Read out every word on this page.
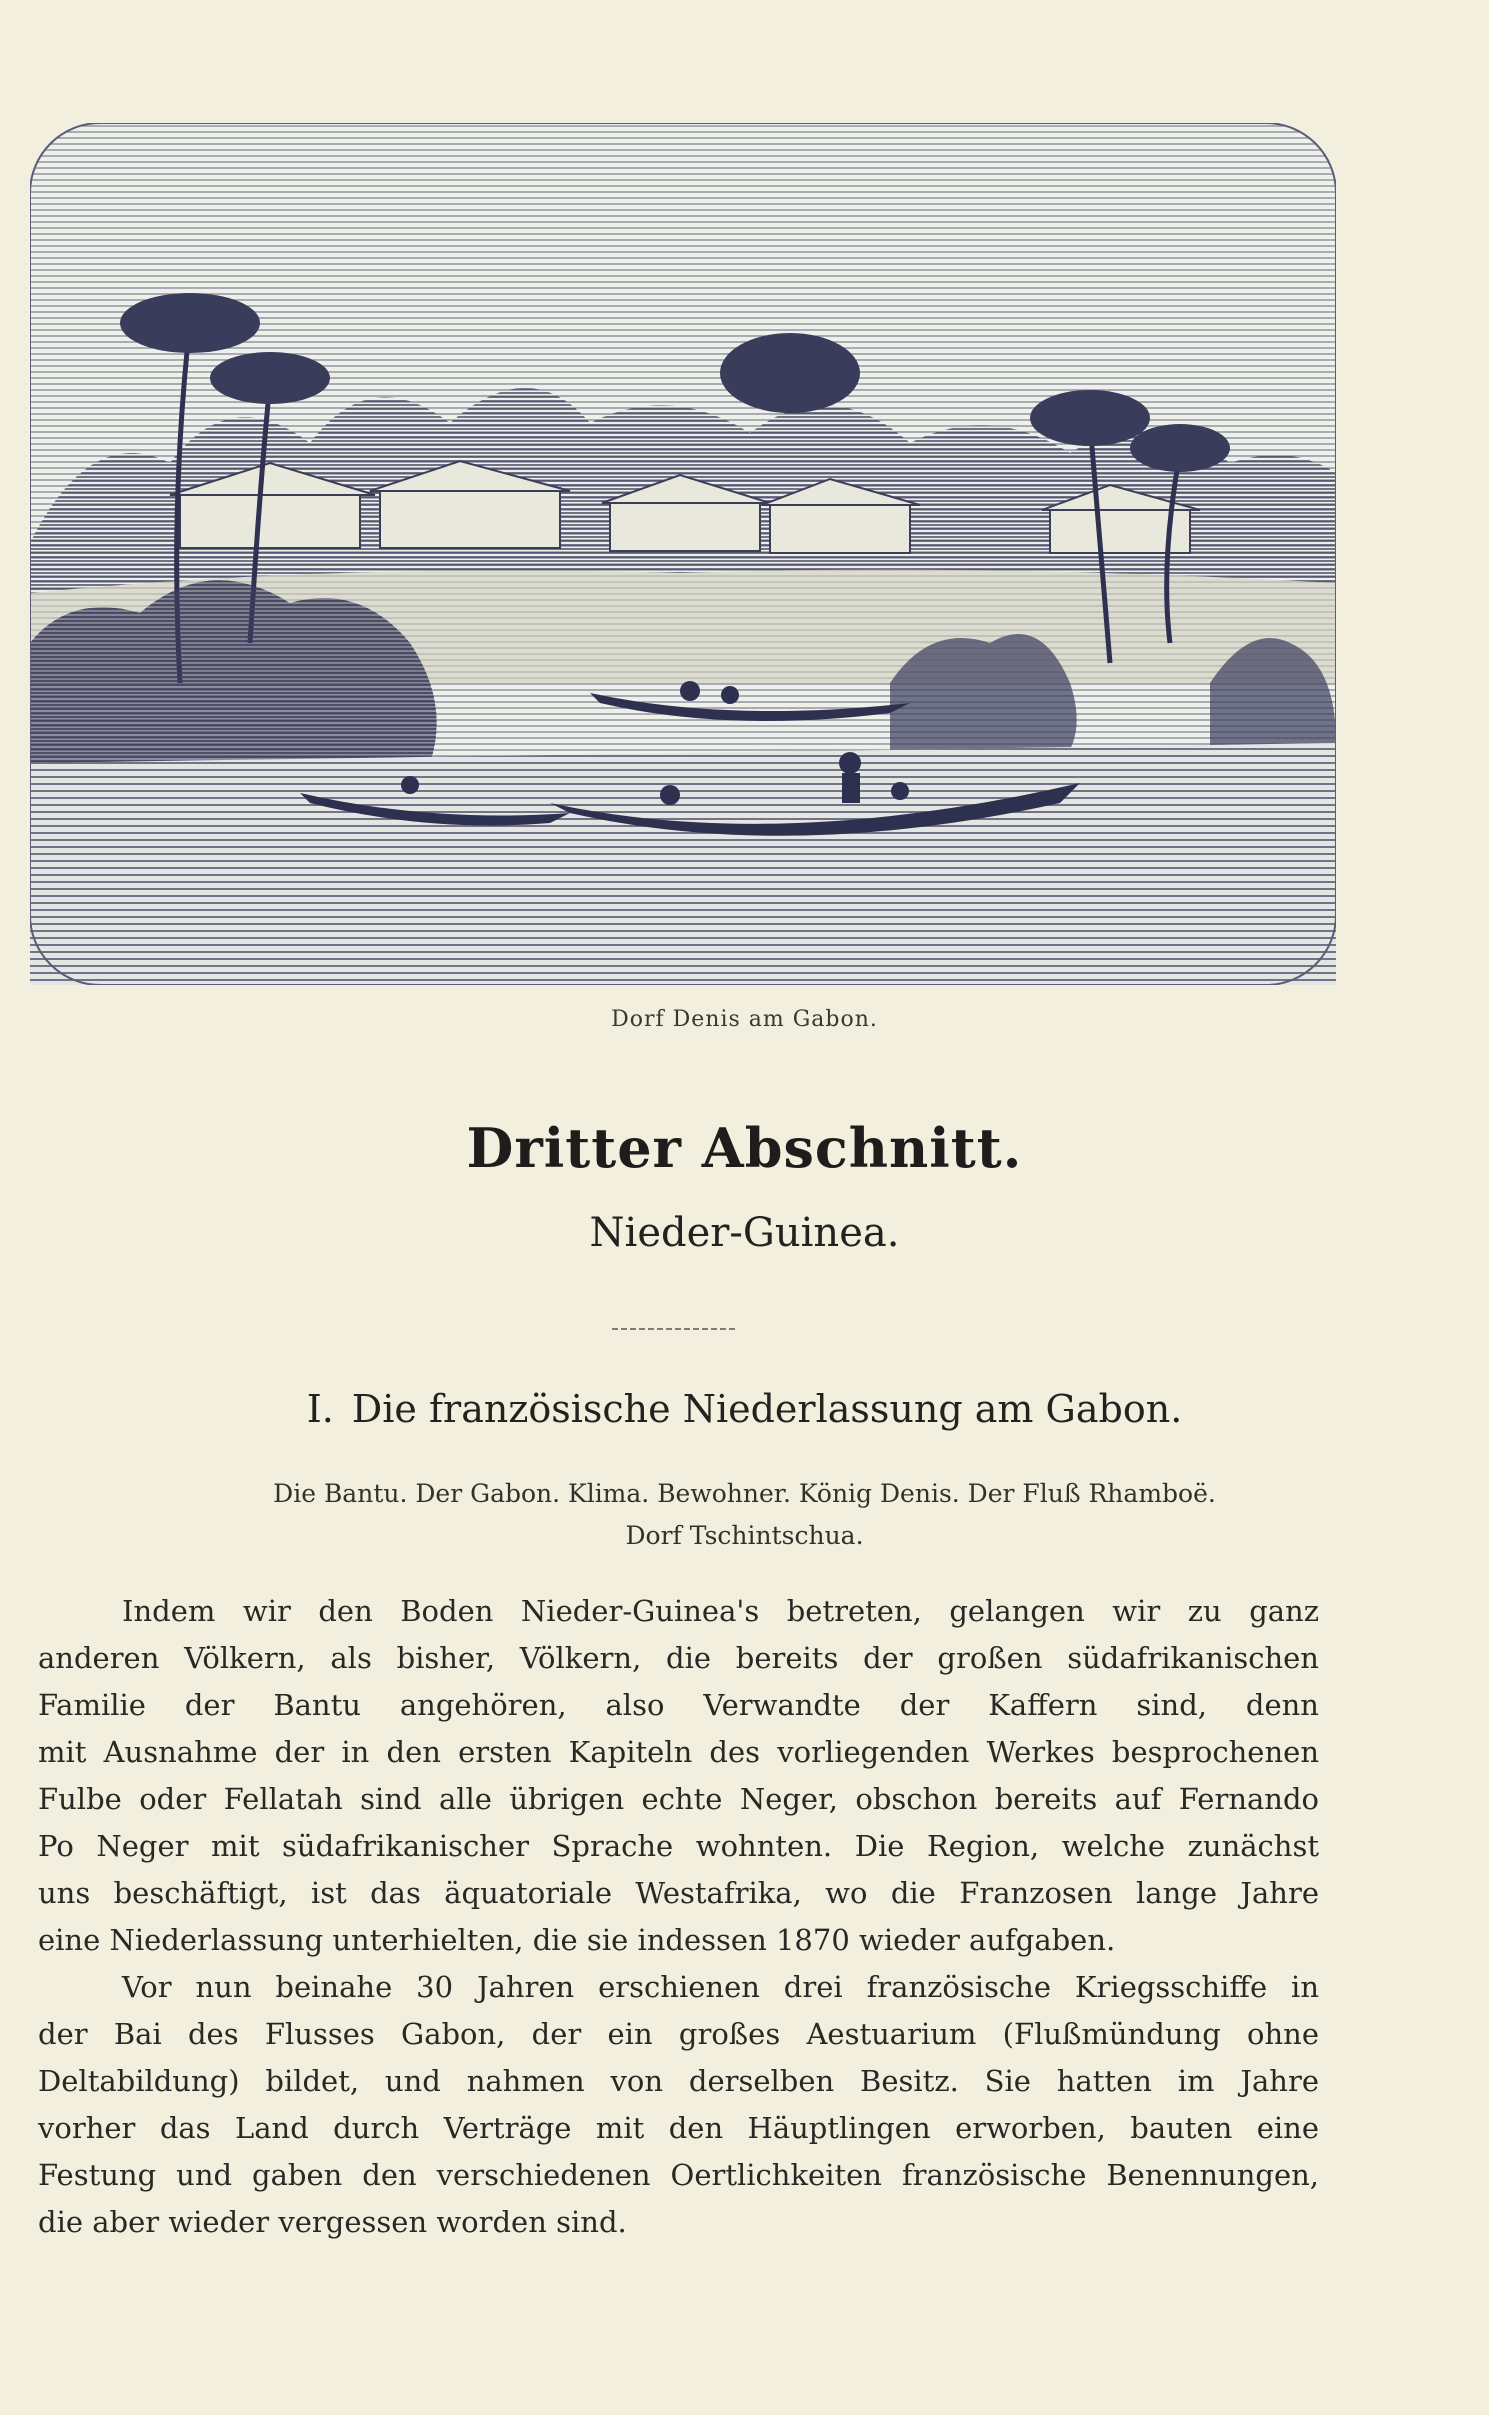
Dorf Denis am Gabon.
Dritter Abschnitt.
Nieder-Guinea.
I. Die französische Niederlassung am Gabon.
Die Bantu. Der Gabon. Klima. Bewohner. König Denis. Der Fluß Rhamboë.
Dorf Tschintschua.
Indem wir den Boden Nieder-Guinea's betreten, gelangen wir zu ganz
anderen Völkern, als bisher, Völkern, die bereits der großen südafrikanischen
Familie der Bantu angehören, also Verwandte der Kaffern sind, denn
mit Ausnahme der in den ersten Kapiteln des vorliegenden Werkes besprochenen
Fulbe oder Fellatah sind alle übrigen echte Neger, obschon bereits auf Fernando
Po Neger mit südafrikanischer Sprache wohnten. Die Region, welche zunächst
uns beschäftigt, ist das äquatoriale Westafrika, wo die Franzosen lange Jahre
eine Niederlassung unterhielten, die sie indessen 1870 wieder aufgaben.
Vor nun beinahe 30 Jahren erschienen drei französische Kriegsschiffe in
der Bai des Flusses Gabon, der ein großes Aestuarium (Flußmündung ohne
Deltabildung) bildet, und nahmen von derselben Besitz. Sie hatten im Jahre
vorher das Land durch Verträge mit den Häuptlingen erworben, bauten eine
Festung und gaben den verschiedenen Oertlichkeiten französische Benennungen,
die aber wieder vergessen worden sind.
